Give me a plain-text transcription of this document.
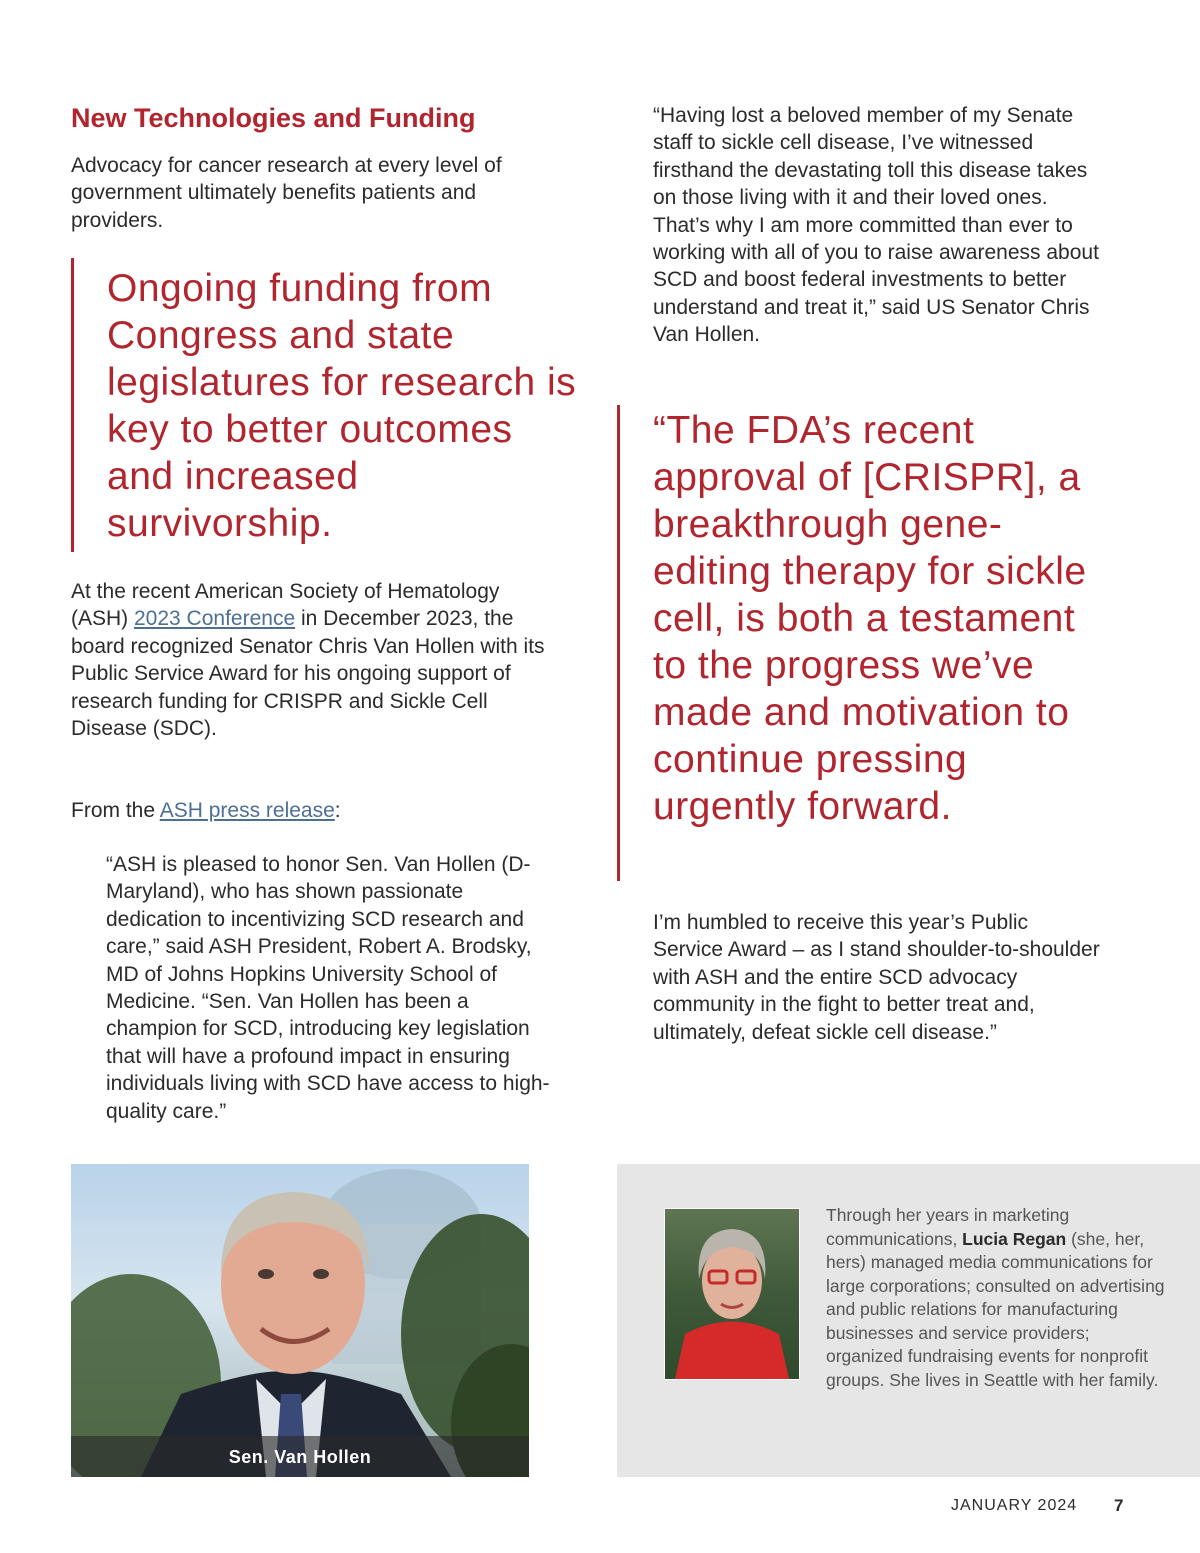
New Technologies and Funding

Advocacy for cancer research at every level of government ultimately benefits patients and providers.

Ongoing funding from Congress and state legislatures for research is key to better outcomes and increased survivorship.

At the recent American Society of Hematology (ASH) 2023 Conference in December 2023, the board recognized Senator Chris Van Hollen with its Public Service Award for his ongoing support of research funding for CRISPR and Sickle Cell Disease (SDC).

From the ASH press release:

“ASH is pleased to honor Sen. Van Hollen (D-Maryland), who has shown passionate dedication to incentivizing SCD research and care,” said ASH President, Robert A. Brodsky, MD of Johns Hopkins University School of Medicine. “Sen. Van Hollen has been a champion for SCD, introducing key legislation that will have a profound impact in ensuring individuals living with SCD have access to high-quality care.”

“Having lost a beloved member of my Senate staff to sickle cell disease, I’ve witnessed firsthand the devastating toll this disease takes on those living with it and their loved ones. That’s why I am more committed than ever to working with all of you to raise awareness about SCD and boost federal investments to better understand and treat it,” said US Senator Chris Van Hollen.

“The FDA’s recent approval of [CRISPR], a breakthrough gene-editing therapy for sickle cell, is both a testament to the progress we’ve made and motivation to continue pressing urgently forward.

I’m humbled to receive this year’s Public Service Award – as I stand shoulder-to-shoulder with ASH and the entire SCD advocacy community in the fight to better treat and, ultimately, defeat sickle cell disease.”

Sen. Van Hollen
Through her years in marketing communications, Lucia Regan (she, her, hers) managed media communications for large corporations; consulted on advertising and public relations for manufacturing businesses and service providers; organized fundraising events for nonprofit groups. She lives in Seattle with her family.
JANUARY 2024 7
